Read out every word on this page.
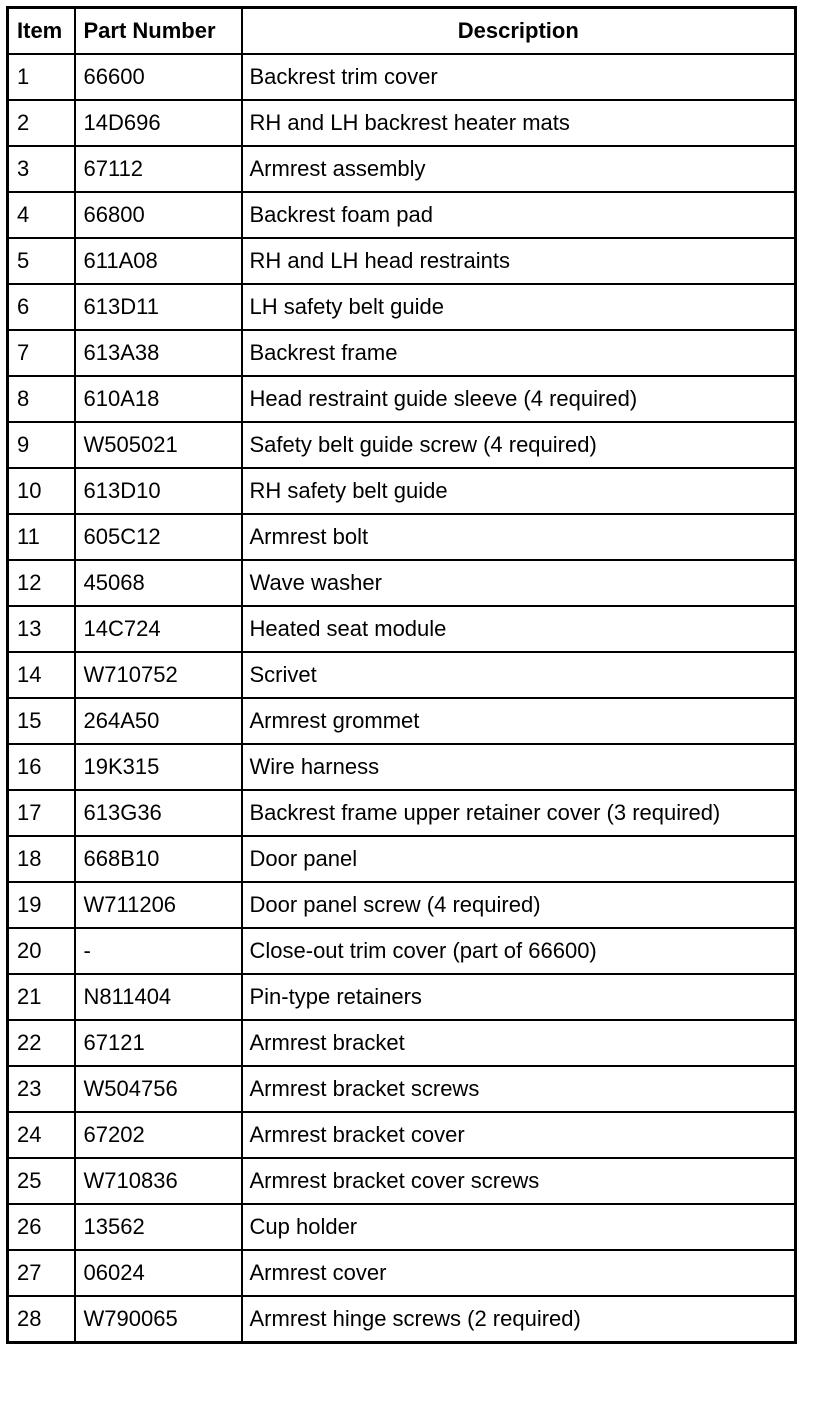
Item	Part Number	Description
1	66600	Backrest trim cover
2	14D696	RH and LH backrest heater mats
3	67112	Armrest assembly
4	66800	Backrest foam pad
5	611A08	RH and LH head restraints
6	613D11	LH safety belt guide
7	613A38	Backrest frame
8	610A18	Head restraint guide sleeve (4 required)
9	W505021	Safety belt guide screw (4 required)
10	613D10	RH safety belt guide
11	605C12	Armrest bolt
12	45068	Wave washer
13	14C724	Heated seat module
14	W710752	Scrivet
15	264A50	Armrest grommet
16	19K315	Wire harness
17	613G36	Backrest frame upper retainer cover (3 required)
18	668B10	Door panel
19	W711206	Door panel screw (4 required)
20	-	Close-out trim cover (part of 66600)
21	N811404	Pin-type retainers
22	67121	Armrest bracket
23	W504756	Armrest bracket screws
24	67202	Armrest bracket cover
25	W710836	Armrest bracket cover screws
26	13562	Cup holder
27	06024	Armrest cover
28	W790065	Armrest hinge screws (2 required)
